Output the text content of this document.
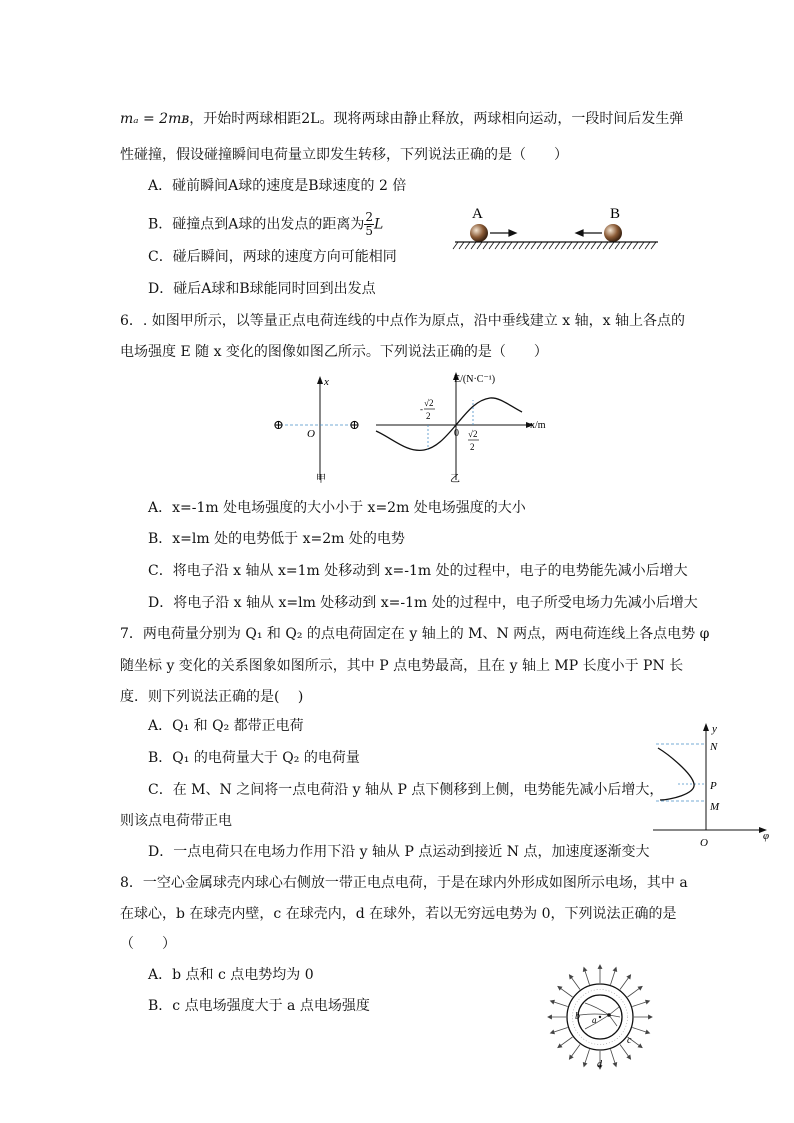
mₐ = 2mʙ，开始时两球相距2L。现将两球由静止释放，两球相向运动，一段时间后发生弹
性碰撞，假设碰撞瞬间电荷量立即发生转移，下列说法正确的是（　　）
A．碰前瞬间A球的速度是B球速度的 2 倍
B．碰撞点到A球的出发点的距离为 $\frac{2}{5}$ L
C．碰后瞬间，两球的速度方向可能相同
D．碰后A球和B球能同时回到出发点
A	B
6．. 如图甲所示，以等量正点电荷连线的中点作为原点，沿中垂线建立 x 轴，x 轴上各点的
电场强度 E 随 x 变化的图像如图乙所示。下列说法正确的是（　　）
x
⊕	⊕
O
甲
E/(N·C⁻¹)
x/m
0
-
√2
2
√2
2
乙
A．x=-1m 处电场强度的大小小于 x=2m 处电场强度的大小
B．x=lm 处的电势低于 x=2m 处的电势
C．将电子沿 x 轴从 x=1m 处移动到 x=-1m 处的过程中，电子的电势能先减小后增大
D．将电子沿 x 轴从 x=lm 处移动到 x=-1m 处的过程中，电子所受电场力先减小后增大
7．两电荷量分别为 Q₁ 和 Q₂ 的点电荷固定在 y 轴上的 M、N 两点，两电荷连线上各点电势 φ
随坐标 y 变化的关系图象如图所示，其中 P 点电势最高，且在 y 轴上 MP 长度小于 PN 长
度．则下列说法正确的是(　 )
A．Q₁ 和 Q₂ 都带正电荷
B．Q₁ 的电荷量大于 Q₂ 的电荷量
C．在 M、N 之间将一点电荷沿 y 轴从 P 点下侧移到上侧，电势能先减小后增大，
则该点电荷带正电
D．一点电荷只在电场力作用下沿 y 轴从 P 点运动到接近 N 点，加速度逐渐变大
y
φ
O
N
P
M
8．一空心金属球壳内球心右侧放一带正电点电荷，于是在球内外形成如图所示电场，其中 a
在球心，b 在球壳内壁，c 在球壳内，d 在球外，若以无穷远电势为 0，下列说法正确的是
（　　）
A．b 点和 c 点电势均为 0
B．c 点电场强度大于 a 点电场强度
a
b
c
d
